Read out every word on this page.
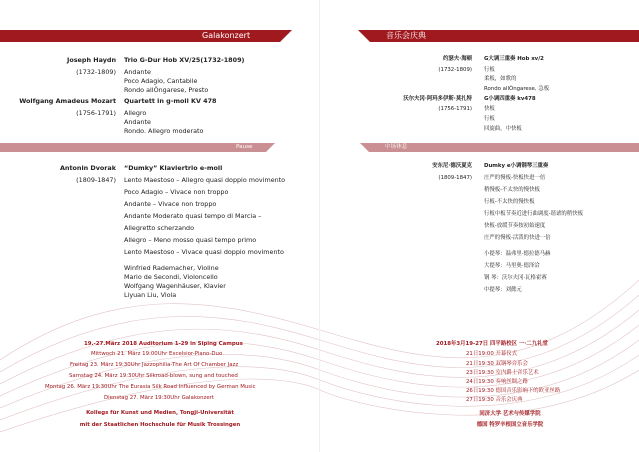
Galakonzert
Joseph Haydn
(1732-1809)
Trio G-Dur Hob XV/25(1732-1809)
Andante
Poco Adagio, Cantabile
Rondo allÒngarese, Presto
Wolfgang Amadeus Mozart
(1756-1791)
Quartett in g-moll KV 478
Allegro
Andante
Rondo. Allegro moderato
Pause
Antonin Dvorak
(1809-1847)
“Dumky” Klaviertrio e-moll
Lento Maestoso – Allegro quasi doppio movimento
Poco Adagio – Vivace non troppo
Andante – Vivace non troppo
Andante Moderato quasi tempo di Marcia –
Allegretto scherzando
Allegro – Meno mosso quasi tempo primo
Lento Maestoso – Vivace quasi doppio movimento
Winfried Rademacher, Violine
Mario de Secondi, Violoncello
Wolfgang Wagenhäuser, Klavier
Liyuan Liu, Viola
19.-27.März 2018 Auditorium 1-29 in Siping Campus
Mittwoch 21. März 19:00Uhr Excelsior-Piano-Duo
Freitag 23. März 19:30Uhr Jazzophilia-The Art Of Chamber Jazz
Samstag 24. März 19:30Uhr Silkroad-blown, sung and touched
Montag 26. März 19:30Uhr The Eurasia Silk Road Influenced by German Music
Dienstag 27. März 19:30Uhr Galakonzert
Kollegs für Kunst und Medien, Tongji-Universität
mit der Staatlichen Hochschule für Musik Trossingen
音乐会庆典
约瑟夫·海顿
(1732-1809)
G大调三重奏 Hob xv/2
行板
柔板，如歌的
Rondo allÒngarese, 急板
沃尔夫冈·阿玛多伊斯·莫扎特
(1756-1791)
G小调四重奏 kv478
快板
行板
回旋曲，中快板
中场休息
安东尼·德沃夏克
(1809-1847)
Dumky e小调钢琴三重奏
庄严的慢板-快板快进一倍
稍慢板-不太快的慢快板
行板-不太快的慢快板
行板中板节奏近进行曲调度-谐谑的稍快板
快板-放缓节奏按初始速度
庄严的慢板-活泼的快进一倍
小提琴：温弗里·德拉德马赫
大提琴：马里奥·德泽洽
钢 琴：沃尔夫冈·瓦格霍赛
中提琴：刘懿元
2018年3月19-27日 四平路校区 一·二九礼堂
21日19:00 开幕仪式
21日19:30 双钢琴音乐会
23日19:30 室内爵士音乐艺术
24日19:30 奏响丝绸之路
26日19:30 德国音乐影响下的欧亚丝路
27日19:30 音乐会庆典
同济大学 艺术与传媒学院
德国 特罗辛根国立音乐学院
